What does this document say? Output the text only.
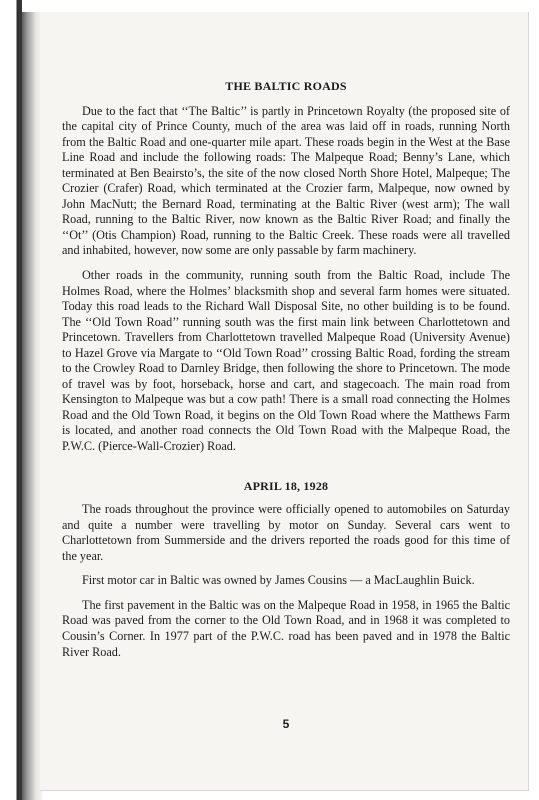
THE BALTIC ROADS

Due to the fact that ‘‘The Baltic’’ is partly in Princetown Royalty (the proposed site of the capital city of Prince County, much of the area was laid off in roads, running North from the Baltic Road and one-quarter mile apart. These roads begin in the West at the Base Line Road and include the following roads: The Malpeque Road; Benny’s Lane, which terminated at Ben Beairsto’s, the site of the now closed North Shore Hotel, Malpeque; The Crozier (Crafer) Road, which terminated at the Crozier farm, Malpeque, now owned by John MacNutt; the Bernard Road, terminating at the Baltic River (west arm); The wall Road, running to the Baltic River, now known as the Baltic River Road; and finally the ‘‘Ot’’ (Otis Champion) Road, running to the Baltic Creek. These roads were all travelled and inhabited, however, now some are only passable by farm machinery.

Other roads in the community, running south from the Baltic Road, include The Holmes Road, where the Holmes’ blacksmith shop and several farm homes were situated. Today this road leads to the Richard Wall Disposal Site, no other building is to be found. The ‘‘Old Town Road’’ running south was the first main link between Charlottetown and Princetown. Travellers from Charlottetown travelled Malpeque Road (University Avenue) to Hazel Grove via Margate to ‘‘Old Town Road’’ crossing Baltic Road, fording the stream to the Crowley Road to Darnley Bridge, then following the shore to Princetown. The mode of travel was by foot, horseback, horse and cart, and stagecoach. The main road from Kensington to Malpeque was but a cow path! There is a small road connecting the Holmes Road and the Old Town Road, it begins on the Old Town Road where the Matthews Farm is located, and another road connects the Old Town Road with the Malpeque Road, the P.W.C. (Pierce-Wall-Crozier) Road.

APRIL 18, 1928

The roads throughout the province were officially opened to automobiles on Saturday and quite a number were travelling by motor on Sunday. Several cars went to Charlottetown from Summerside and the drivers reported the roads good for this time of the year.

First motor car in Baltic was owned by James Cousins — a MacLaughlin Buick.

The first pavement in the Baltic was on the Malpeque Road in 1958, in 1965 the Baltic Road was paved from the corner to the Old Town Road, and in 1968 it was completed to Cousin’s Corner. In 1977 part of the P.W.C. road has been paved and in 1978 the Baltic River Road.

5
